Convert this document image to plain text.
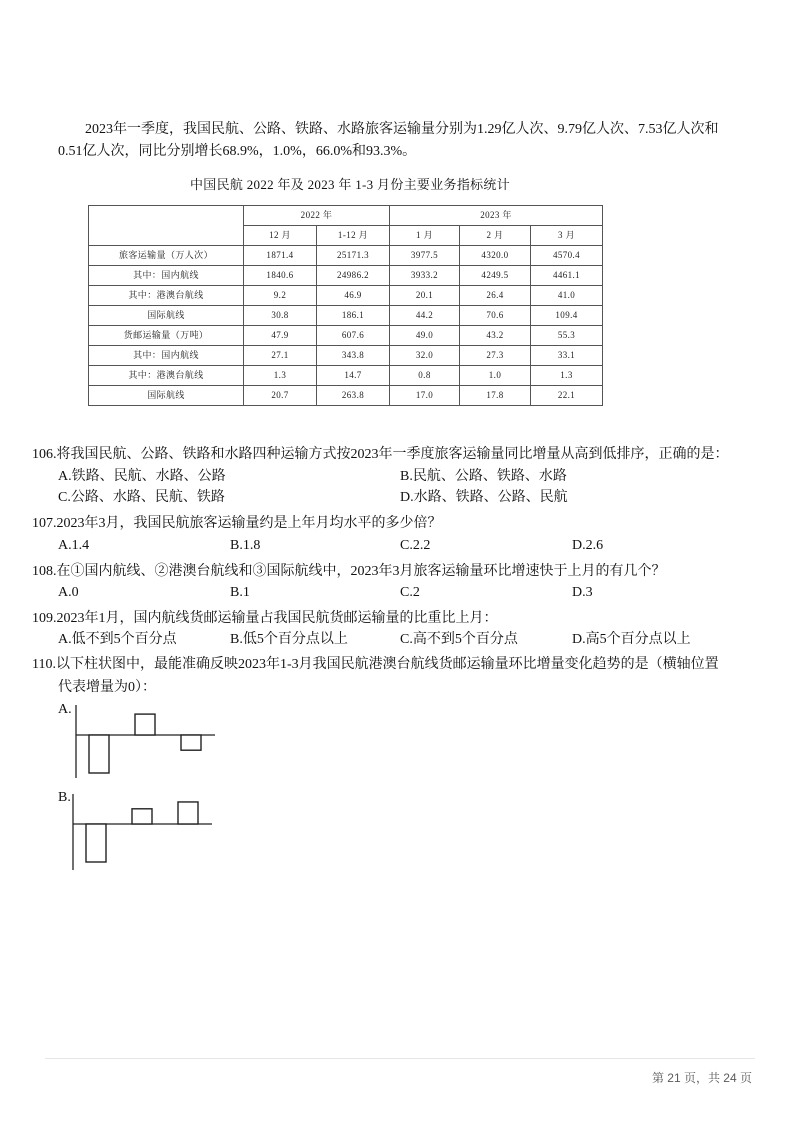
2023年一季度，我国民航、公路、铁路、水路旅客运输量分别为1.29亿人次、9.79亿人次、7.53亿人次和
0.51亿人次，同比分别增长68.9%，1.0%，66.0%和93.3%。
中国民航 2022 年及 2023 年 1-3 月份主要业务指标统计
	2022 年		2023 年		
	12 月	1-12 月	1 月	2 月	3 月
旅客运输量（万人次）	1871.4	25171.3	3977.5	4320.0	4570.4
其中：国内航线	1840.6	24986.2	3933.2	4249.5	4461.1
其中：港澳台航线	9.2	46.9	20.1	26.4	41.0
国际航线	30.8	186.1	44.2	70.6	109.4
货邮运输量（万吨）	47.9	607.6	49.0	43.2	55.3
其中：国内航线	27.1	343.8	32.0	27.3	33.1
其中：港澳台航线	1.3	14.7	0.8	1.0	1.3
国际航线	20.7	263.8	17.0	17.8	22.1
106.将我国民航、公路、铁路和水路四种运输方式按2023年一季度旅客运输量同比增量从高到低排序，正确的是：
A.铁路、民航、水路、公路	B.民航、公路、铁路、水路
C.公路、水路、民航、铁路	D.水路、铁路、公路、民航
107.2023年3月，我国民航旅客运输量约是上年月均水平的多少倍？
A.1.4	B.1.8	C.2.2	D.2.6
108.在①国内航线、②港澳台航线和③国际航线中，2023年3月旅客运输量环比增速快于上月的有几个？
A.0	B.1	C.2	D.3
109.2023年1月，国内航线货邮运输量占我国民航货邮运输量的比重比上月：
A.低不到5个百分点	B.低5个百分点以上	C.高不到5个百分点	D.高5个百分点以上
110.以下柱状图中，最能准确反映2023年1-3月我国民航港澳台航线货邮运输量环比增量变化趋势的是（横轴位置
代表增量为0）：
A.
B.
第 21 页，共 24 页
